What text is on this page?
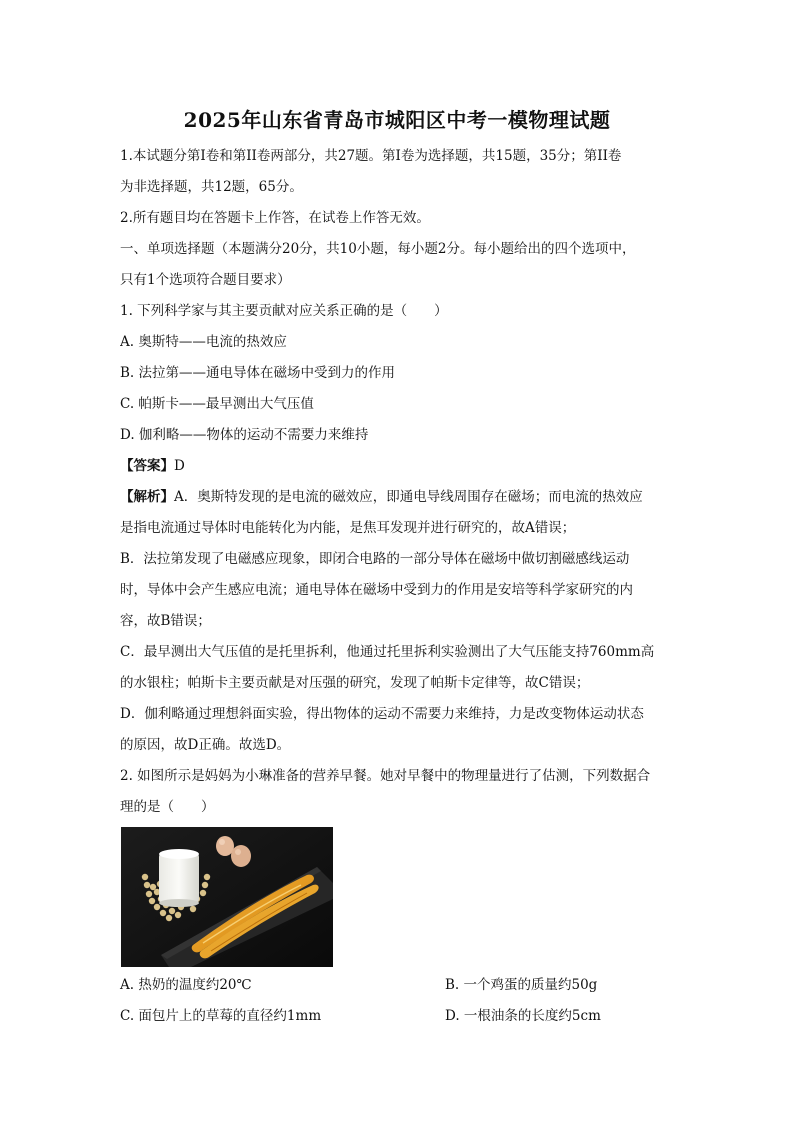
2025年山东省青岛市城阳区中考一模物理试题
1.本试题分第I卷和第II卷两部分，共27题。第I卷为选择题，共15题，35分；第II卷
为非选择题，共12题，65分。
2.所有题目均在答题卡上作答，在试卷上作答无效。
一、单项选择题（本题满分20分，共10小题，每小题2分。每小题给出的四个选项中，
只有1个选项符合题目要求）
1. 下列科学家与其主要贡献对应关系正确的是（　　）
A. 奥斯特——电流的热效应
B. 法拉第——通电导体在磁场中受到力的作用
C. 帕斯卡——最早测出大气压值
D. 伽利略——物体的运动不需要力来维持
【答案】D
【解析】A．奥斯特发现的是电流的磁效应，即通电导线周围存在磁场；而电流的热效应
是指电流通过导体时电能转化为内能，是焦耳发现并进行研究的，故A错误；
B．法拉第发现了电磁感应现象，即闭合电路的一部分导体在磁场中做切割磁感线运动
时，导体中会产生感应电流；通电导体在磁场中受到力的作用是安培等科学家研究的内
容，故B错误；
C．最早测出大气压值的是托里拆利，他通过托里拆利实验测出了大气压能支持760mm高
的水银柱；帕斯卡主要贡献是对压强的研究，发现了帕斯卡定律等，故C错误；
D．伽利略通过理想斜面实验，得出物体的运动不需要力来维持，力是改变物体运动状态
的原因，故D正确。故选D。
2. 如图所示是妈妈为小琳准备的营养早餐。她对早餐中的物理量进行了估测，下列数据合
理的是（　　）
A. 热奶的温度约20℃	B. 一个鸡蛋的质量约50g
C. 面包片上的草莓的直径约1mm	D. 一根油条的长度约5cm
